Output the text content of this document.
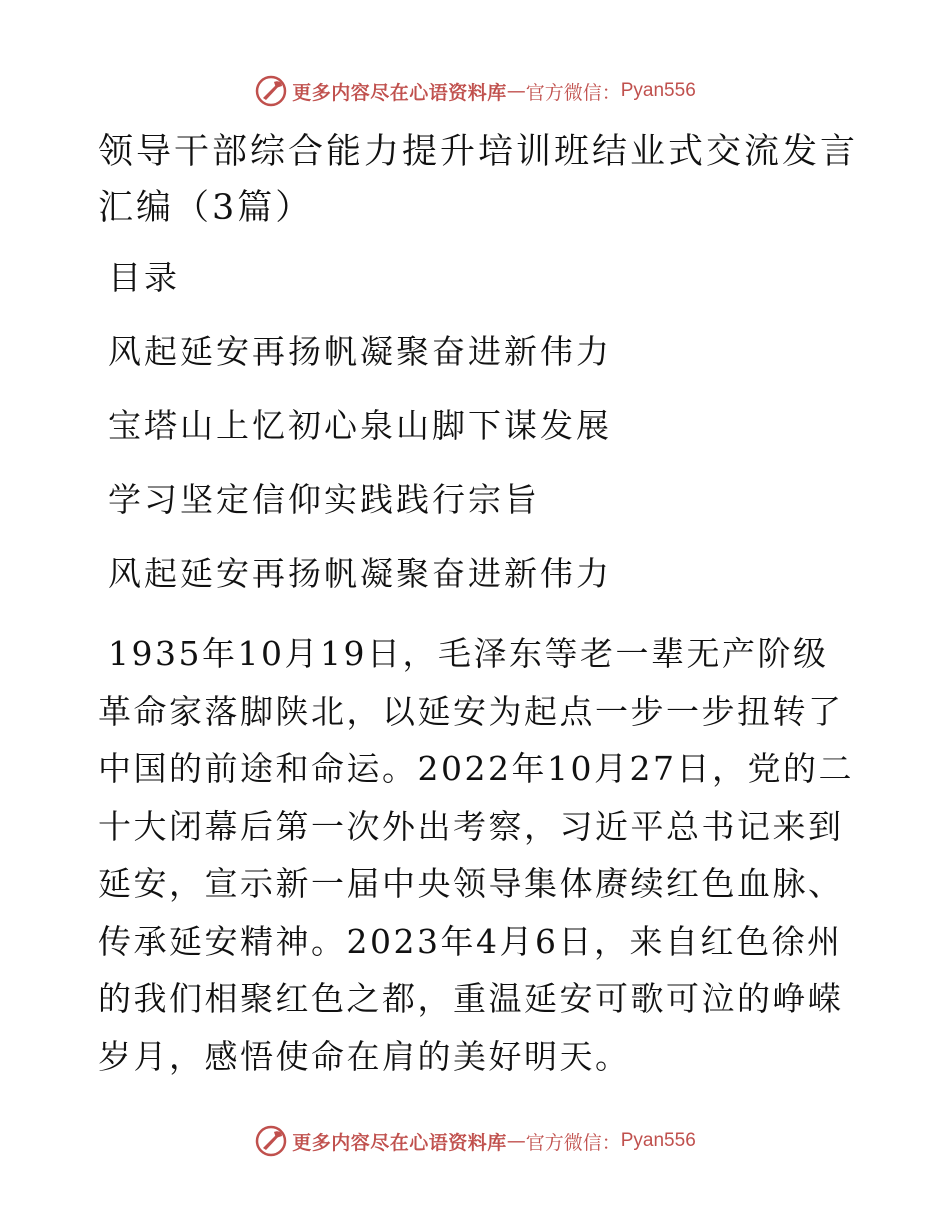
更多内容尽在心语资料库 — 官方微信： Pyan556
领导干部综合能力提升培训班结业式交流发言汇编（3篇）

目录

风起延安再扬帆凝聚奋进新伟力

宝塔山上忆初心泉山脚下谋发展

学习坚定信仰实践践行宗旨

风起延安再扬帆凝聚奋进新伟力

1935年10月19日，毛泽东等老一辈无产阶级革命家落脚陕北，以延安为起点一步一步扭转了中国的前途和命运。2022年10月27日，党的二十大闭幕后第一次外出考察，习近平总书记来到延安，宣示新一届中央领导集体赓续红色血脉、传承延安精神。2023年4月6日，来自红色徐州的我们相聚红色之都，重温延安可歌可泣的峥嵘岁月，感悟使命在肩的美好明天。

更多内容尽在心语资料库 — 官方微信： Pyan556
